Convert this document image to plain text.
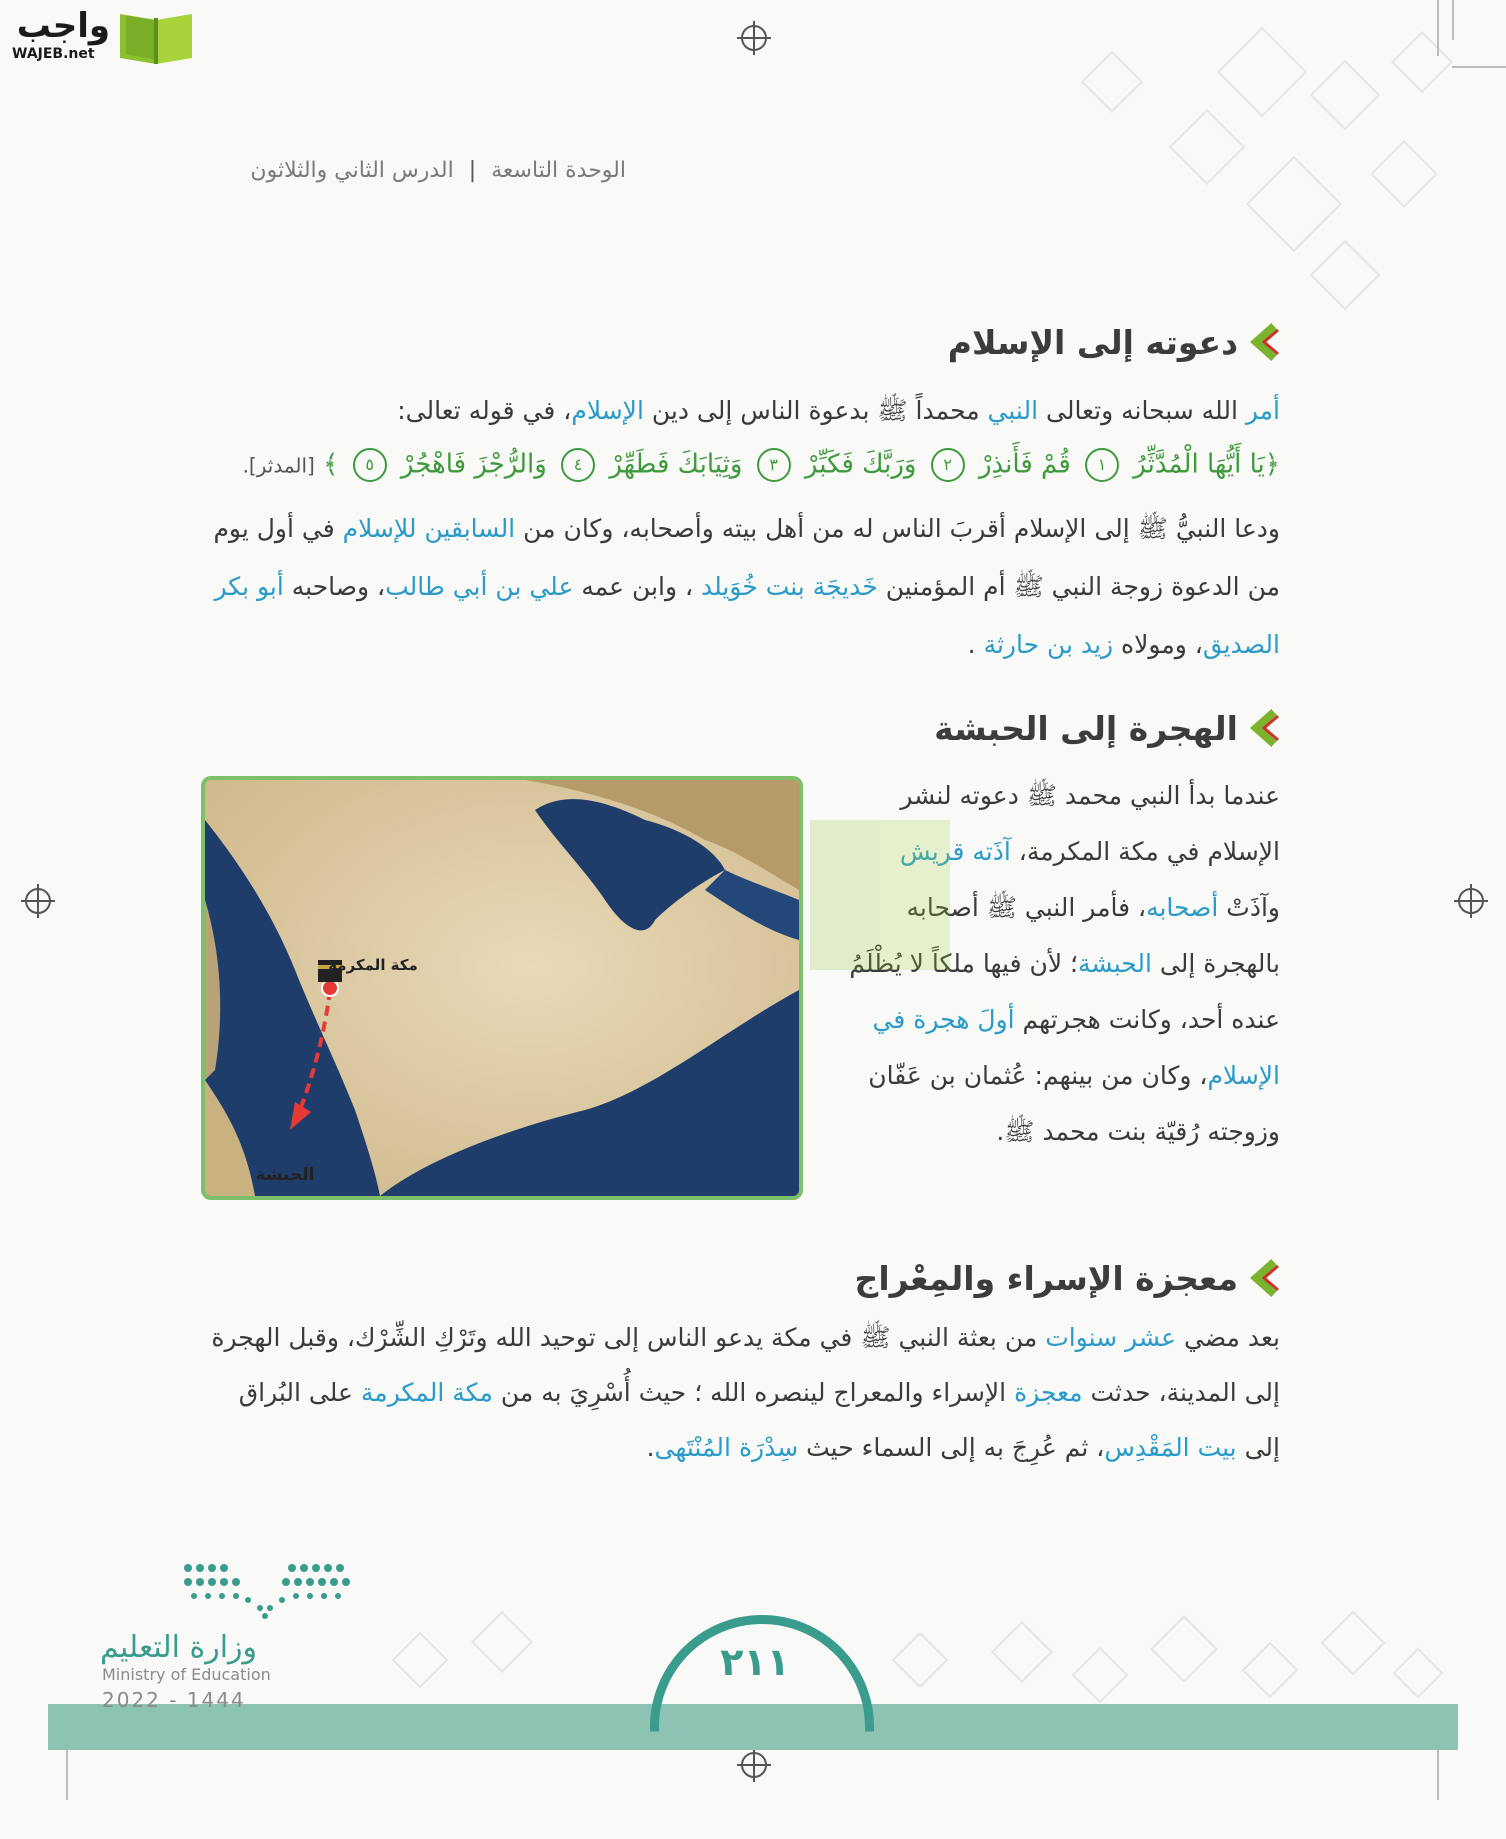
واجب
WAJEB.net
الوحدة التاسعة | الدرس الثاني والثلاثون
دعوته إلى الإسلام
أمر الله سبحانه وتعالى النبي محمداً ﷺ بدعوة الناس إلى دين الإسلام، في قوله تعالى:
﴿يَا أَيُّهَا الْمُدَّثِّرُ ١ قُمْ فَأَنذِرْ ٢ وَرَبَّكَ فَكَبِّرْ ٣ وَثِيَابَكَ فَطَهِّرْ ٤ وَالرُّجْزَ فَاهْجُرْ ٥ ﴾ [المدثر].
ودعا النبيُّ ﷺ إلى الإسلام أقربَ الناس له من أهل بيته وأصحابه، وكان من السابقين للإسلام في أول يوم من الدعوة زوجة النبي ﷺ أم المؤمنين خَديجَة بنت خُوَيلد ، وابن عمه علي بن أبي طالب، وصاحبه أبو بكر الصديق، ومولاه زيد بن حارثة .
الهجرة إلى الحبشة
عندما بدأ النبي محمد ﷺ دعوته لنشر الإسلام في مكة المكرمة، آذَته قريش وآذَتْ أصحابه، فأمر النبي ﷺ أصحابه بالهجرة إلى الحبشة؛ لأن فيها ملكاً لا يُظْلَمُ عنده أحد، وكانت هجرتهم أولَ هجرة في الإسلام، وكان من بينهم: عُثمان بن عَفّان وزوجته رُقيّة بنت محمد ﷺ.
مكة المكرمة
الحبشة
معجزة الإسراء والمِعْراج
بعد مضي عشر سنوات من بعثة النبي ﷺ في مكة يدعو الناس إلى توحيد الله وتَرْكِ الشِّرْك، وقبل الهجرة إلى المدينة، حدثت معجزة الإسراء والمعراج لينصره الله ؛ حيث أُسْرِيَ به من مكة المكرمة على البُراق إلى بيت المَقْدِس، ثم عُرِجَ به إلى السماء حيث سِدْرَة المُنْتَهى.
وزارة التعليم
Ministry of Education
2022 - 1444
٢١١
